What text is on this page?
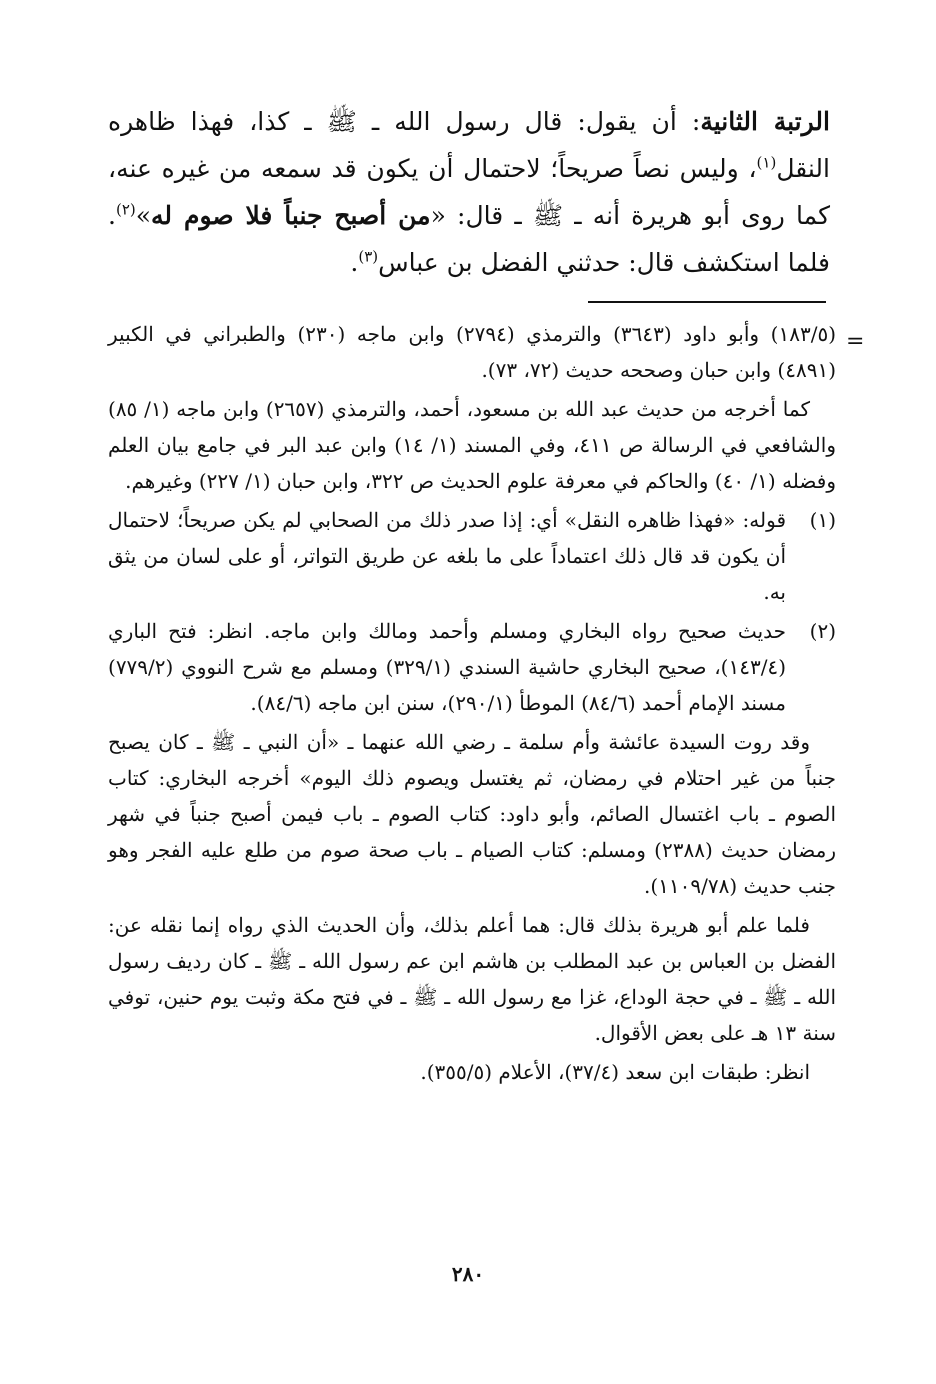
الرتبة الثانية: أن يقول: قال رسول الله ـ ﷺ ـ كذا، فهذا ظاهره النقل$^{(١)}$، وليس نصاً صريحاً؛ لاحتمال أن يكون قد سمعه من غيره عنه، كما روى أبو هريرة أنه ـ ﷺ ـ قال: «من أصبح جنباً فلا صوم له»$^{(٢)}$. فلما استكشف قال: حدثني الفضل بن عباس$^{(٣)}$.

=

(١٨٣/٥) وأبو داود (٣٦٤٣) والترمذي (٢٧٩٤) وابن ماجه (٢٣٠) والطبراني في الكبير (٤٨٩١) وابن حبان وصححه حديث (٧٢، ٧٣).

كما أخرجه من حديث عبد الله بن مسعود، أحمد، والترمذي (٢٦٥٧) وابن ماجه (١/ ٨٥) والشافعي في الرسالة ص ٤١١، وفي المسند (١/ ١٤) وابن عبد البر في جامع بيان العلم وفضله (١/ ٤٠) والحاكم في معرفة علوم الحديث ص ٣٢٢، وابن حبان (١/ ٢٢٧) وغيرهم.

(١)
قوله: «فهذا ظاهره النقل» أي: إذا صدر ذلك من الصحابي لم يكن صريحاً؛ لاحتمال أن يكون قد قال ذلك اعتماداً على ما بلغه عن طريق التواتر، أو على لسان من يثق به.
(٢)
حديث صحيح رواه البخاري ومسلم وأحمد ومالك وابن ماجه. انظر: فتح الباري (١٤٣/٤)، صحيح البخاري حاشية السندي (٣٢٩/١) ومسلم مع شرح النووي (٧٧٩/٢) مسند الإمام أحمد (٨٤/٦) الموطأ (٢٩٠/١)، سنن ابن ماجه (٨٤/٦).

وقد روت السيدة عائشة وأم سلمة ـ رضي الله عنهما ـ «أن النبي ـ ﷺ ـ كان يصبح جنباً من غير احتلام في رمضان، ثم يغتسل ويصوم ذلك اليوم» أخرجه البخاري: كتاب الصوم ـ باب اغتسال الصائم، وأبو داود: كتاب الصوم ـ باب فيمن أصبح جنباً في شهر رمضان حديث (٢٣٨٨) ومسلم: كتاب الصيام ـ باب صحة صوم من طلع عليه الفجر وهو جنب حديث (١١٠٩/٧٨).

فلما علم أبو هريرة بذلك قال: هما أعلم بذلك، وأن الحديث الذي رواه إنما نقله عن: الفضل بن العباس بن عبد المطلب بن هاشم ابن عم رسول الله ـ ﷺ ـ كان رديف رسول الله ـ ﷺ ـ في حجة الوداع، غزا مع رسول الله ـ ﷺ ـ في فتح مكة وثبت يوم حنين، توفي سنة ١٣ هـ على بعض الأقوال.

انظر: طبقات ابن سعد (٣٧/٤)، الأعلام (٣٥٥/٥).

٢٨٠
